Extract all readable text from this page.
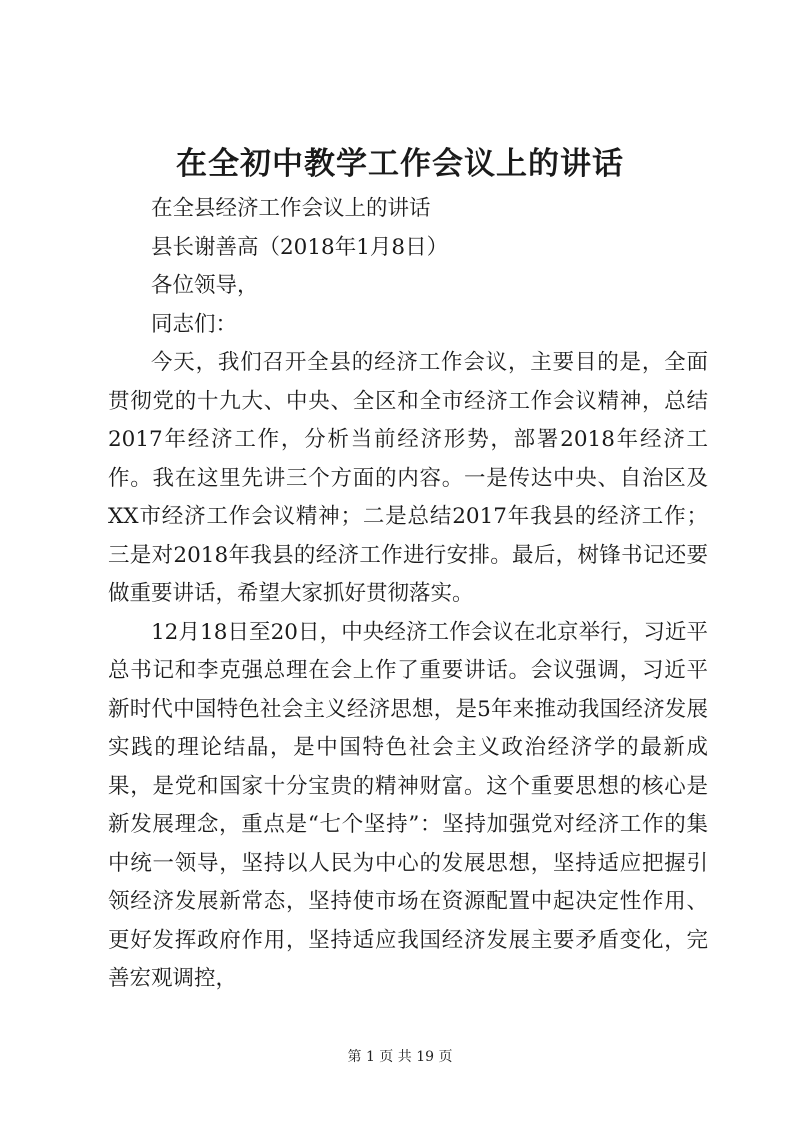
在全初中教学工作会议上的讲话

在全县经济工作会议上的讲话

县长谢善高（2018年1月8日）

各位领导，

同志们：

今天，我们召开全县的经济工作会议，主要目的是，全面贯彻党的十九大、中央、全区和全市经济工作会议精神，总结2017年经济工作，分析当前经济形势，部署2018年经济工作。我在这里先讲三个方面的内容。一是传达中央、自治区及XX市经济工作会议精神；二是总结2017年我县的经济工作；三是对2018年我县的经济工作进行安排。最后，树锋书记还要做重要讲话，希望大家抓好贯彻落实。

12月18日至20日，中央经济工作会议在北京举行，习近平总书记和李克强总理在会上作了重要讲话。会议强调，习近平新时代中国特色社会主义经济思想，是5年来推动我国经济发展实践的理论结晶，是中国特色社会主义政治经济学的最新成果，是党和国家十分宝贵的精神财富。这个重要思想的核心是新发展理念，重点是“七个坚持”：坚持加强党对经济工作的集中统一领导，坚持以人民为中心的发展思想，坚持适应把握引领经济发展新常态，坚持使市场在资源配置中起决定性作用、更好发挥政府作用，坚持适应我国经济发展主要矛盾变化，完善宏观调控，

第 1 页 共 19 页
